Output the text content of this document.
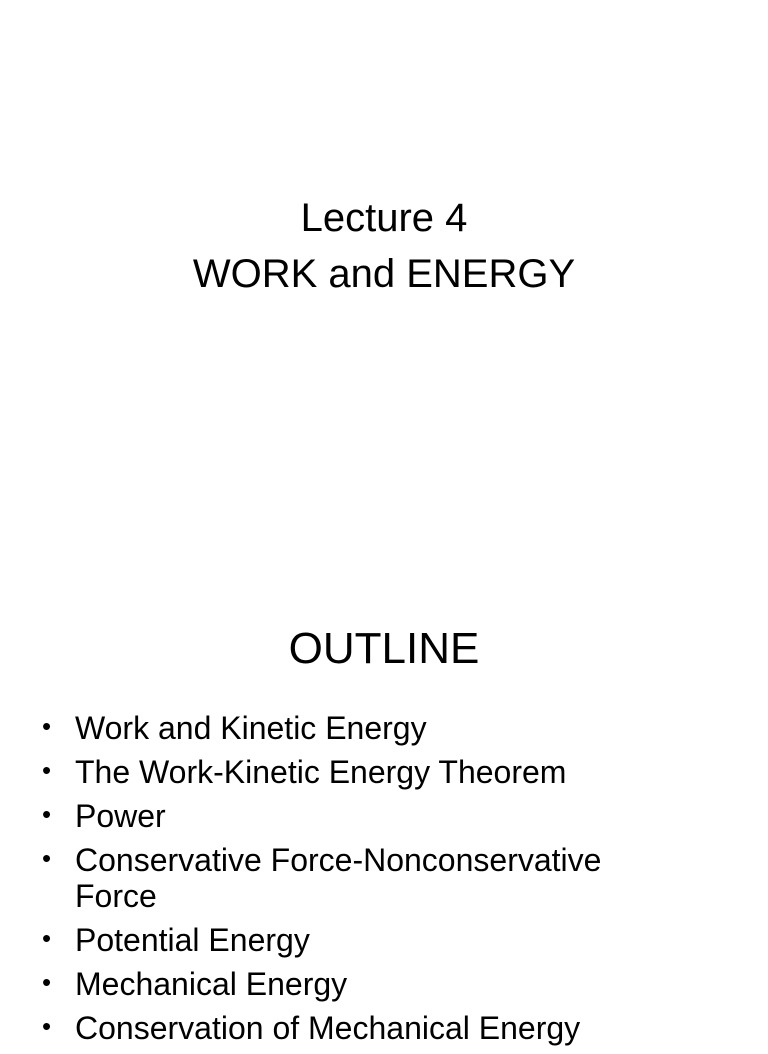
Lecture 4
WORK and ENERGY
OUTLINE
• Work and Kinetic Energy
• The Work-Kinetic Energy Theorem
• Power
• Conservative Force-Nonconservative Force
• Potential Energy
• Mechanical Energy
• Conservation of Mechanical Energy
